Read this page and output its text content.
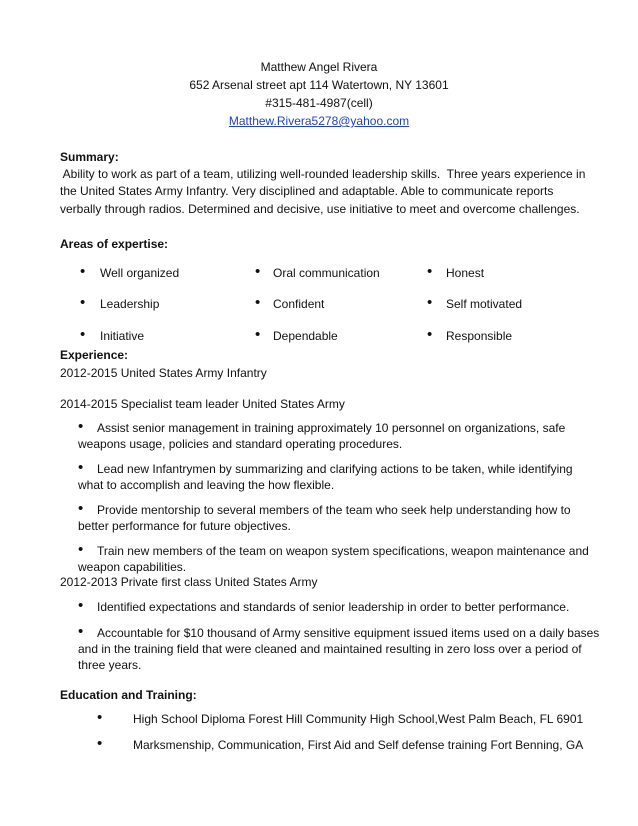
Matthew Angel Rivera
652 Arsenal street apt 114 Watertown, NY 13601
#315-481-4987(cell)
Matthew.Rivera5278@yahoo.com
Summary:
Ability to work as part of a team, utilizing well-rounded leadership skills.  Three years experience in
the United States Army Infantry. Very disciplined and adaptable. Able to communicate reports
verbally through radios. Determined and decisive, use initiative to meet and overcome challenges.
Areas of expertise:
• Well organized	• Oral communication	• Honest
• Leadership	• Confident	• Self motivated
• Initiative	• Dependable	• Responsible
Experience:
2012-2015 United States Army Infantry
2014-2015 Specialist team leader United States Army
• Assist senior management in training approximately 10 personnel on organizations, safe
weapons usage, policies and standard operating procedures.
• Lead new Infantrymen by summarizing and clarifying actions to be taken, while identifying
what to accomplish and leaving the how flexible.
• Provide mentorship to several members of the team who seek help understanding how to
better performance for future objectives.
• Train new members of the team on weapon system specifications, weapon maintenance and
weapon capabilities.
2012-2013 Private first class United States Army
• Identified expectations and standards of senior leadership in order to better performance.
• Accountable for $10 thousand of Army sensitive equipment issued items used on a daily bases
and in the training field that were cleaned and maintained resulting in zero loss over a period of
three years.
Education and Training:
•	High School Diploma Forest Hill Community High School,West Palm Beach, FL 6901
•	Marksmenship, Communication, First Aid and Self defense training Fort Benning, GA
